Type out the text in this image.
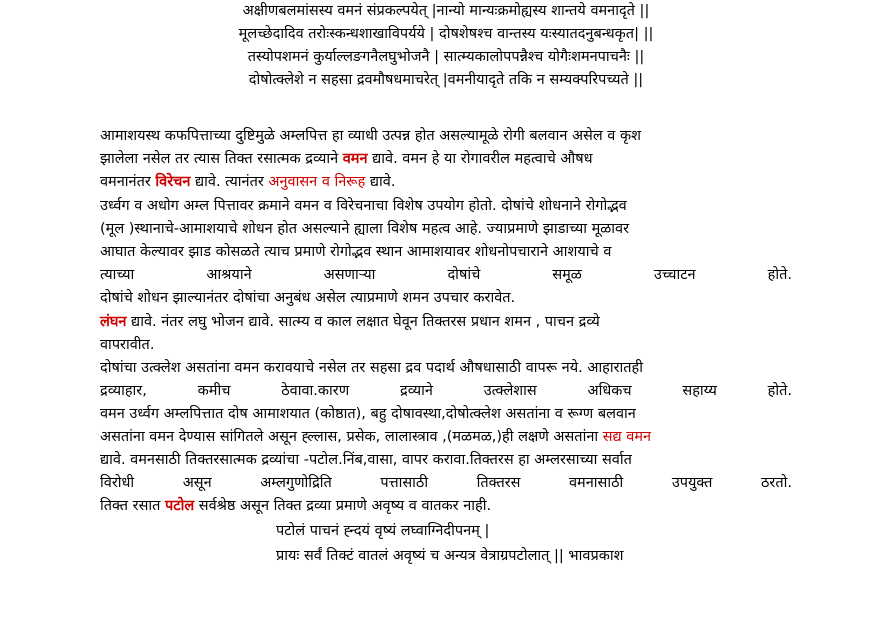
अक्षीणबलमांसस्य वमनं संप्रकल्पयेत् |नान्यो मान्यःक्रमोह्यस्य शान्तये वमनादृते ||
मूलच्छेदादिव तरोःस्कन्धशाखाविपर्यये | दोषशेषश्च वान्तस्य यःस्यातदनुबन्धकृत| ||
तस्योपशमनं कुर्याल्लङगनैलघुभोजनै | सात्म्यकालोपपन्नैश्च योगैःशमनपाचनैः ||
दोषोत्क्लेशे न सहसा द्रवमौषधमाचरेत् |वमनीयादृते तकि न सम्यक्परिपच्यते ||
आमाशयस्थ कफपित्ताच्या दुष्टिमुळे अम्लपित्त हा व्याधी उत्पन्न होत असल्यामूळे रोगी बलवान असेल व कृश
झालेला नसेल तर त्यास तिक्त रसात्मक द्रव्याने वमन द्यावे. वमन हे या रोगावरील महत्वाचे औषध
वमनानंतर विरेचन द्यावे. त्यानंतर अनुवासन व निरूह द्यावे.
उर्ध्वग व अधोग अम्ल पित्तावर क्रमाने वमन व विरेचनाचा विशेष उपयोग होतो. दोषांचे शोधनाने रोगोद्भव
(मूल )स्थानाचे-आमाशयाचे शोधन होत असल्याने ह्याला विशेष महत्व आहे. ज्याप्रमाणे झाडाच्या मूळावर
आघात केल्यावर झाड कोसळते त्याच प्रमाणे रोगोद्भव स्थान आमाशयावर शोधनोपचाराने आशयाचे व
त्याच्या आश्रयाने असणाऱ्या दोषांचे समूळ उच्चाटन होते.
दोषांचे शोधन झाल्यानंतर दोषांचा अनुबंध असेल त्याप्रमाणे शमन उपचार करावेत.
लंघन द्यावे. नंतर लघु भोजन द्यावे. सात्म्य व काल लक्षात घेवून तिक्तरस प्रधान शमन , पाचन द्रव्ये
वापरावीत.
दोषांचा उत्क्लेश असतांना वमन करावयाचे नसेल तर सहसा द्रव पदार्थ औषधासाठी वापरू नये. आहारातही
द्रव्याहार, कमीच ठेवावा.कारण द्रव्याने उत्क्लेशास अधिकच सहाय्य होते.
वमन उर्ध्वग अम्लपित्तात दोष आमाशयात (कोष्ठात), बहु दोषावस्था,दोषोत्क्लेश असतांना व रूग्ण बलवान
असतांना वमन देण्यास सांगितले असून ह्ल्लास, प्रसेक, लालास्त्राव ,(मळमळ,)ही लक्षणे असतांना सद्य वमन
द्यावे. वमनसाठी तिक्तरसात्मक द्रव्यांचा -पटोल.निंब,वासा, वापर करावा.तिक्तरस हा अम्लरसाच्या सर्वात
विरोधी असून अम्लगुणोद्रिति पत्तासाठी तिक्तरस वमनासाठी उपयुक्त ठरतो.
तिक्त रसात पटोल सर्वश्रेष्ठ असून तिक्त द्रव्या प्रमाणे अवृष्य व वातकर नाही.
पटोलं पाचनं ह्न्दयं वृष्यं लघ्वाग्निदीपनम् |
प्रायः सर्वं तिक्टं वातलं अवृष्यं च अन्यत्र वेत्राग्रपटोलात् || भावप्रकाश
